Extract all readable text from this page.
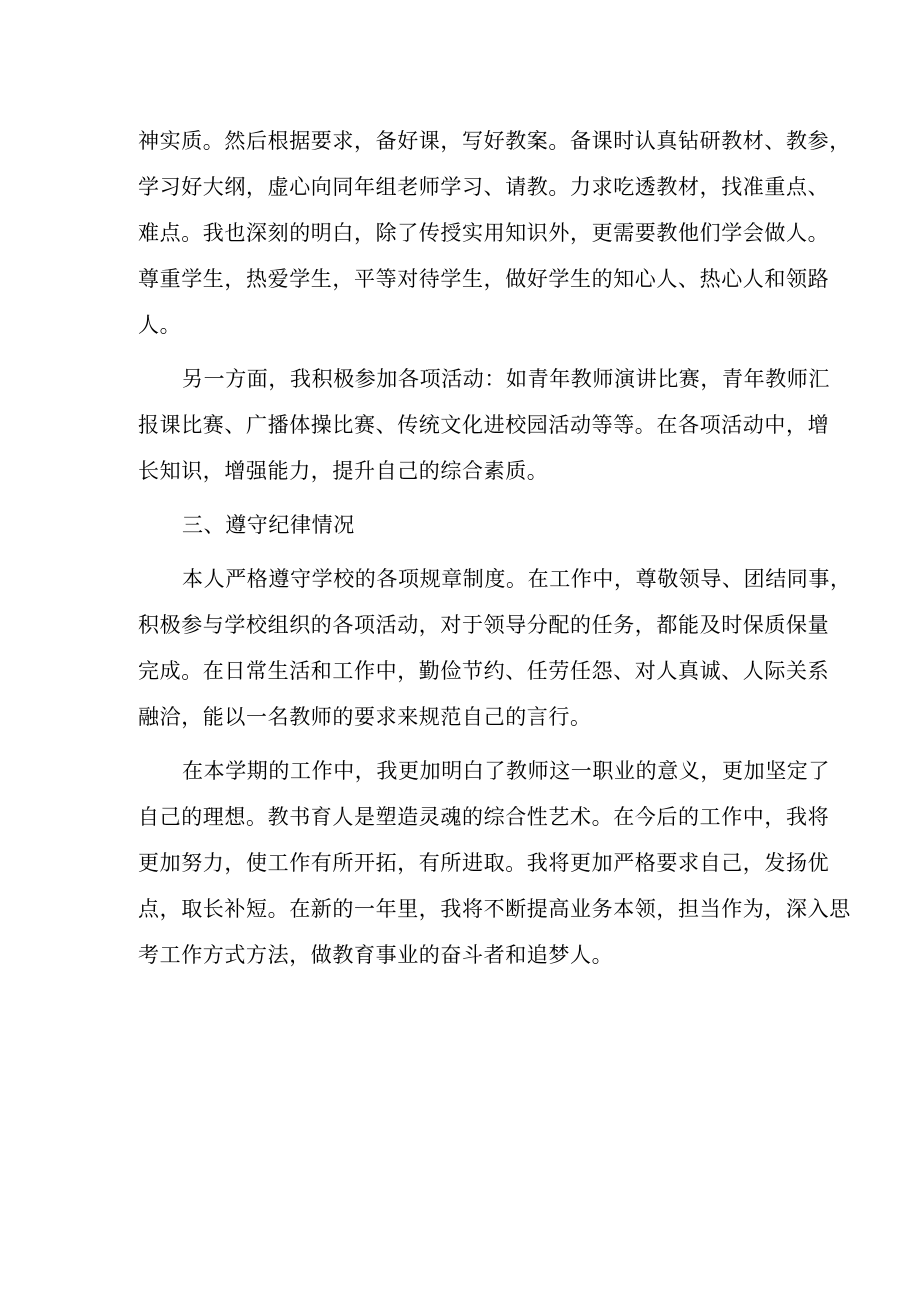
神实质。然后根据要求，备好课，写好教案。备课时认真钻研教材、教参，
学习好大纲，虚心向同年组老师学习、请教。力求吃透教材，找准重点、
难点。我也深刻的明白，除了传授实用知识外，更需要教他们学会做人。
尊重学生，热爱学生，平等对待学生，做好学生的知心人、热心人和领路
人。
另一方面，我积极参加各项活动：如青年教师演讲比赛，青年教师汇
报课比赛、广播体操比赛、传统文化进校园活动等等。在各项活动中，增
长知识，增强能力，提升自己的综合素质。
三、遵守纪律情况
本人严格遵守学校的各项规章制度。在工作中，尊敬领导、团结同事，
积极参与学校组织的各项活动，对于领导分配的任务，都能及时保质保量
完成。在日常生活和工作中，勤俭节约、任劳任怨、对人真诚、人际关系
融洽，能以一名教师的要求来规范自己的言行。
在本学期的工作中，我更加明白了教师这一职业的意义，更加坚定了
自己的理想。教书育人是塑造灵魂的综合性艺术。在今后的工作中，我将
更加努力，使工作有所开拓，有所进取。我将更加严格要求自己，发扬优
点，取长补短。在新的一年里，我将不断提高业务本领，担当作为，深入思
考工作方式方法，做教育事业的奋斗者和追梦人。
